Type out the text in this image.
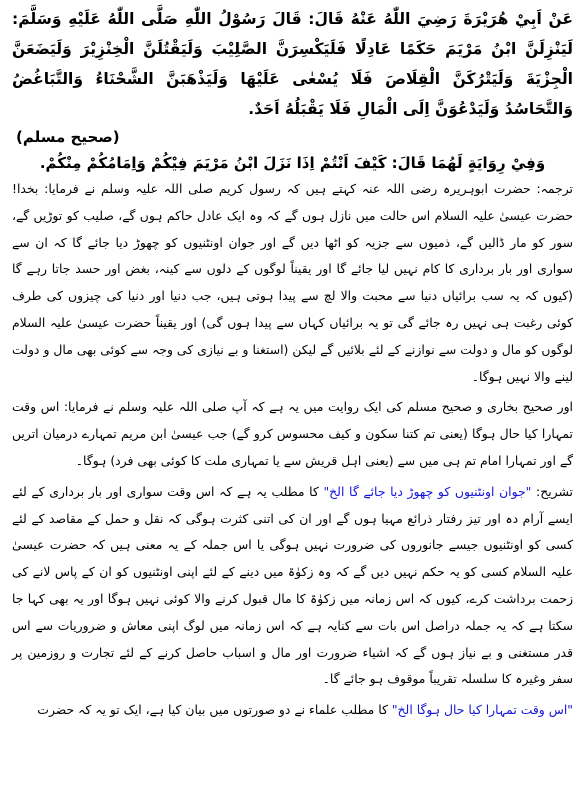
عَنْ اَبِيْ هُرَيْرَةَ رَضِيَ اللّٰهُ عَنْهُ قَالَ: قَالَ رَسُوْلُ اللّٰهِ صَلَّى اللّٰهُ عَلَيْهِ وَسَلَّمَ: لَيَنْزِلَنَّ ابْنُ مَرْيَمَ حَكَمًا عَادِلًا فَلَيَكْسِرَنَّ الصَّلِيْبَ وَلَيَقْتُلَنَّ الْخِنْزِيْرَ وَلَيَضَعَنَّ الْجِزْيَةَ وَلَيَتْرُكَنَّ الْقِلَاصَ فَلَا يُسْعٰى عَلَيْهَا وَلَيَذْهَبَنَّ الشَّحْنَاءُ وَالتَّبَاغُضُ وَالتَّحَاسُدُ وَلَيَدْعُوَنَّ اِلَى الْمَالِ فَلَا يَقْبَلُهُ اَحَدٌ.

(صحیح مسلم)

وَفِيْ رِوَايَةٍ لَهُمَا قَالَ: كَيْفَ اَنْتُمْ اِذَا نَزَلَ ابْنُ مَرْيَمَ فِيْكُمْ وَاِمَامُكُمْ مِنْكُمْ.

ترجمہ: حضرت ابوہریرہ رضی اللہ عنہ کہتے ہیں کہ رسول کریم صلی اللہ علیہ وسلم نے فرمایا: بخدا! حضرت عیسیٰ علیہ السلام اس حالت میں نازل ہوں گے کہ وہ ایک عادل حاکم ہوں گے، صلیب کو توڑیں گے، سور کو مار ڈالیں گے، ذمیوں سے جزیہ کو اٹھا دیں گے اور جوان اونٹنیوں کو چھوڑ دیا جائے گا کہ ان سے سواری اور بار برداری کا کام نہیں لیا جائے گا اور یقیناً لوگوں کے دلوں سے کینہ، بغض اور حسد جاتا رہے گا (کیوں کہ یہ سب برائیاں دنیا سے محبت والا لچ سے پیدا ہوتی ہیں، جب دنیا اور دنیا کی چیزوں کی طرف کوئی رغبت ہی نہیں رہ جائے گی تو یہ برائیاں کہاں سے پیدا ہوں گی) اور یقیناً حضرت عیسیٰ علیہ السلام لوگوں کو مال و دولت سے نوازنے کے لئے بلائیں گے لیکن (استغنا و بے نیازی کی وجہ سے کوئی بھی مال و دولت لینے والا نہیں ہوگا۔

اور صحیح بخاری و صحیح مسلم کی ایک روایت میں یہ ہے کہ آپ صلی اللہ علیہ وسلم نے فرمایا: اس وقت تمہارا کیا حال ہوگا (یعنی تم کتنا سکون و کیف محسوس کرو گے) جب عیسیٰ ابن مریم تمہارے درمیان اتریں گے اور تمہارا امام تم ہی میں سے (یعنی اہل قریش سے یا تمہاری ملت کا کوئی بھی فرد) ہوگا۔

تشریح: "جوان اونٹنیوں کو چھوڑ دیا جائے گا الخ" کا مطلب یہ ہے کہ اس وقت سواری اور بار برداری کے لئے ایسے آرام دہ اور تیز رفتار ذرائع مہیا ہوں گے اور ان کی اتنی کثرت ہوگی کہ نقل و حمل کے مقاصد کے لئے کسی کو اونٹنیوں جیسے جانوروں کی ضرورت نہیں ہوگی یا اس جملہ کے یہ معنی ہیں کہ حضرت عیسیٰ علیہ السلام کسی کو یہ حکم نہیں دیں گے کہ وہ زکوٰۃ میں دینے کے لئے اپنی اونٹنیوں کو ان کے پاس لانے کی زحمت برداشت کرے، کیوں کہ اس زمانہ میں زکوٰۃ کا مال قبول کرنے والا کوئی نہیں ہوگا اور یہ بھی کہا جا سکتا ہے کہ یہ جملہ دراصل اس بات سے کنایہ ہے کہ اس زمانہ میں لوگ اپنی معاش و ضروریات سے اس قدر مستغنی و بے نیاز ہوں گے کہ اشیاء ضرورت اور مال و اسباب حاصل کرنے کے لئے تجارت و روزمین پر سفر وغیرہ کا سلسلہ تقریباً موقوف ہو جائے گا۔

"اس وقت تمہارا کیا حال ہوگا الخ" کا مطلب علماء نے دو صورتوں میں بیان کیا ہے، ایک تو یہ کہ حضرت
